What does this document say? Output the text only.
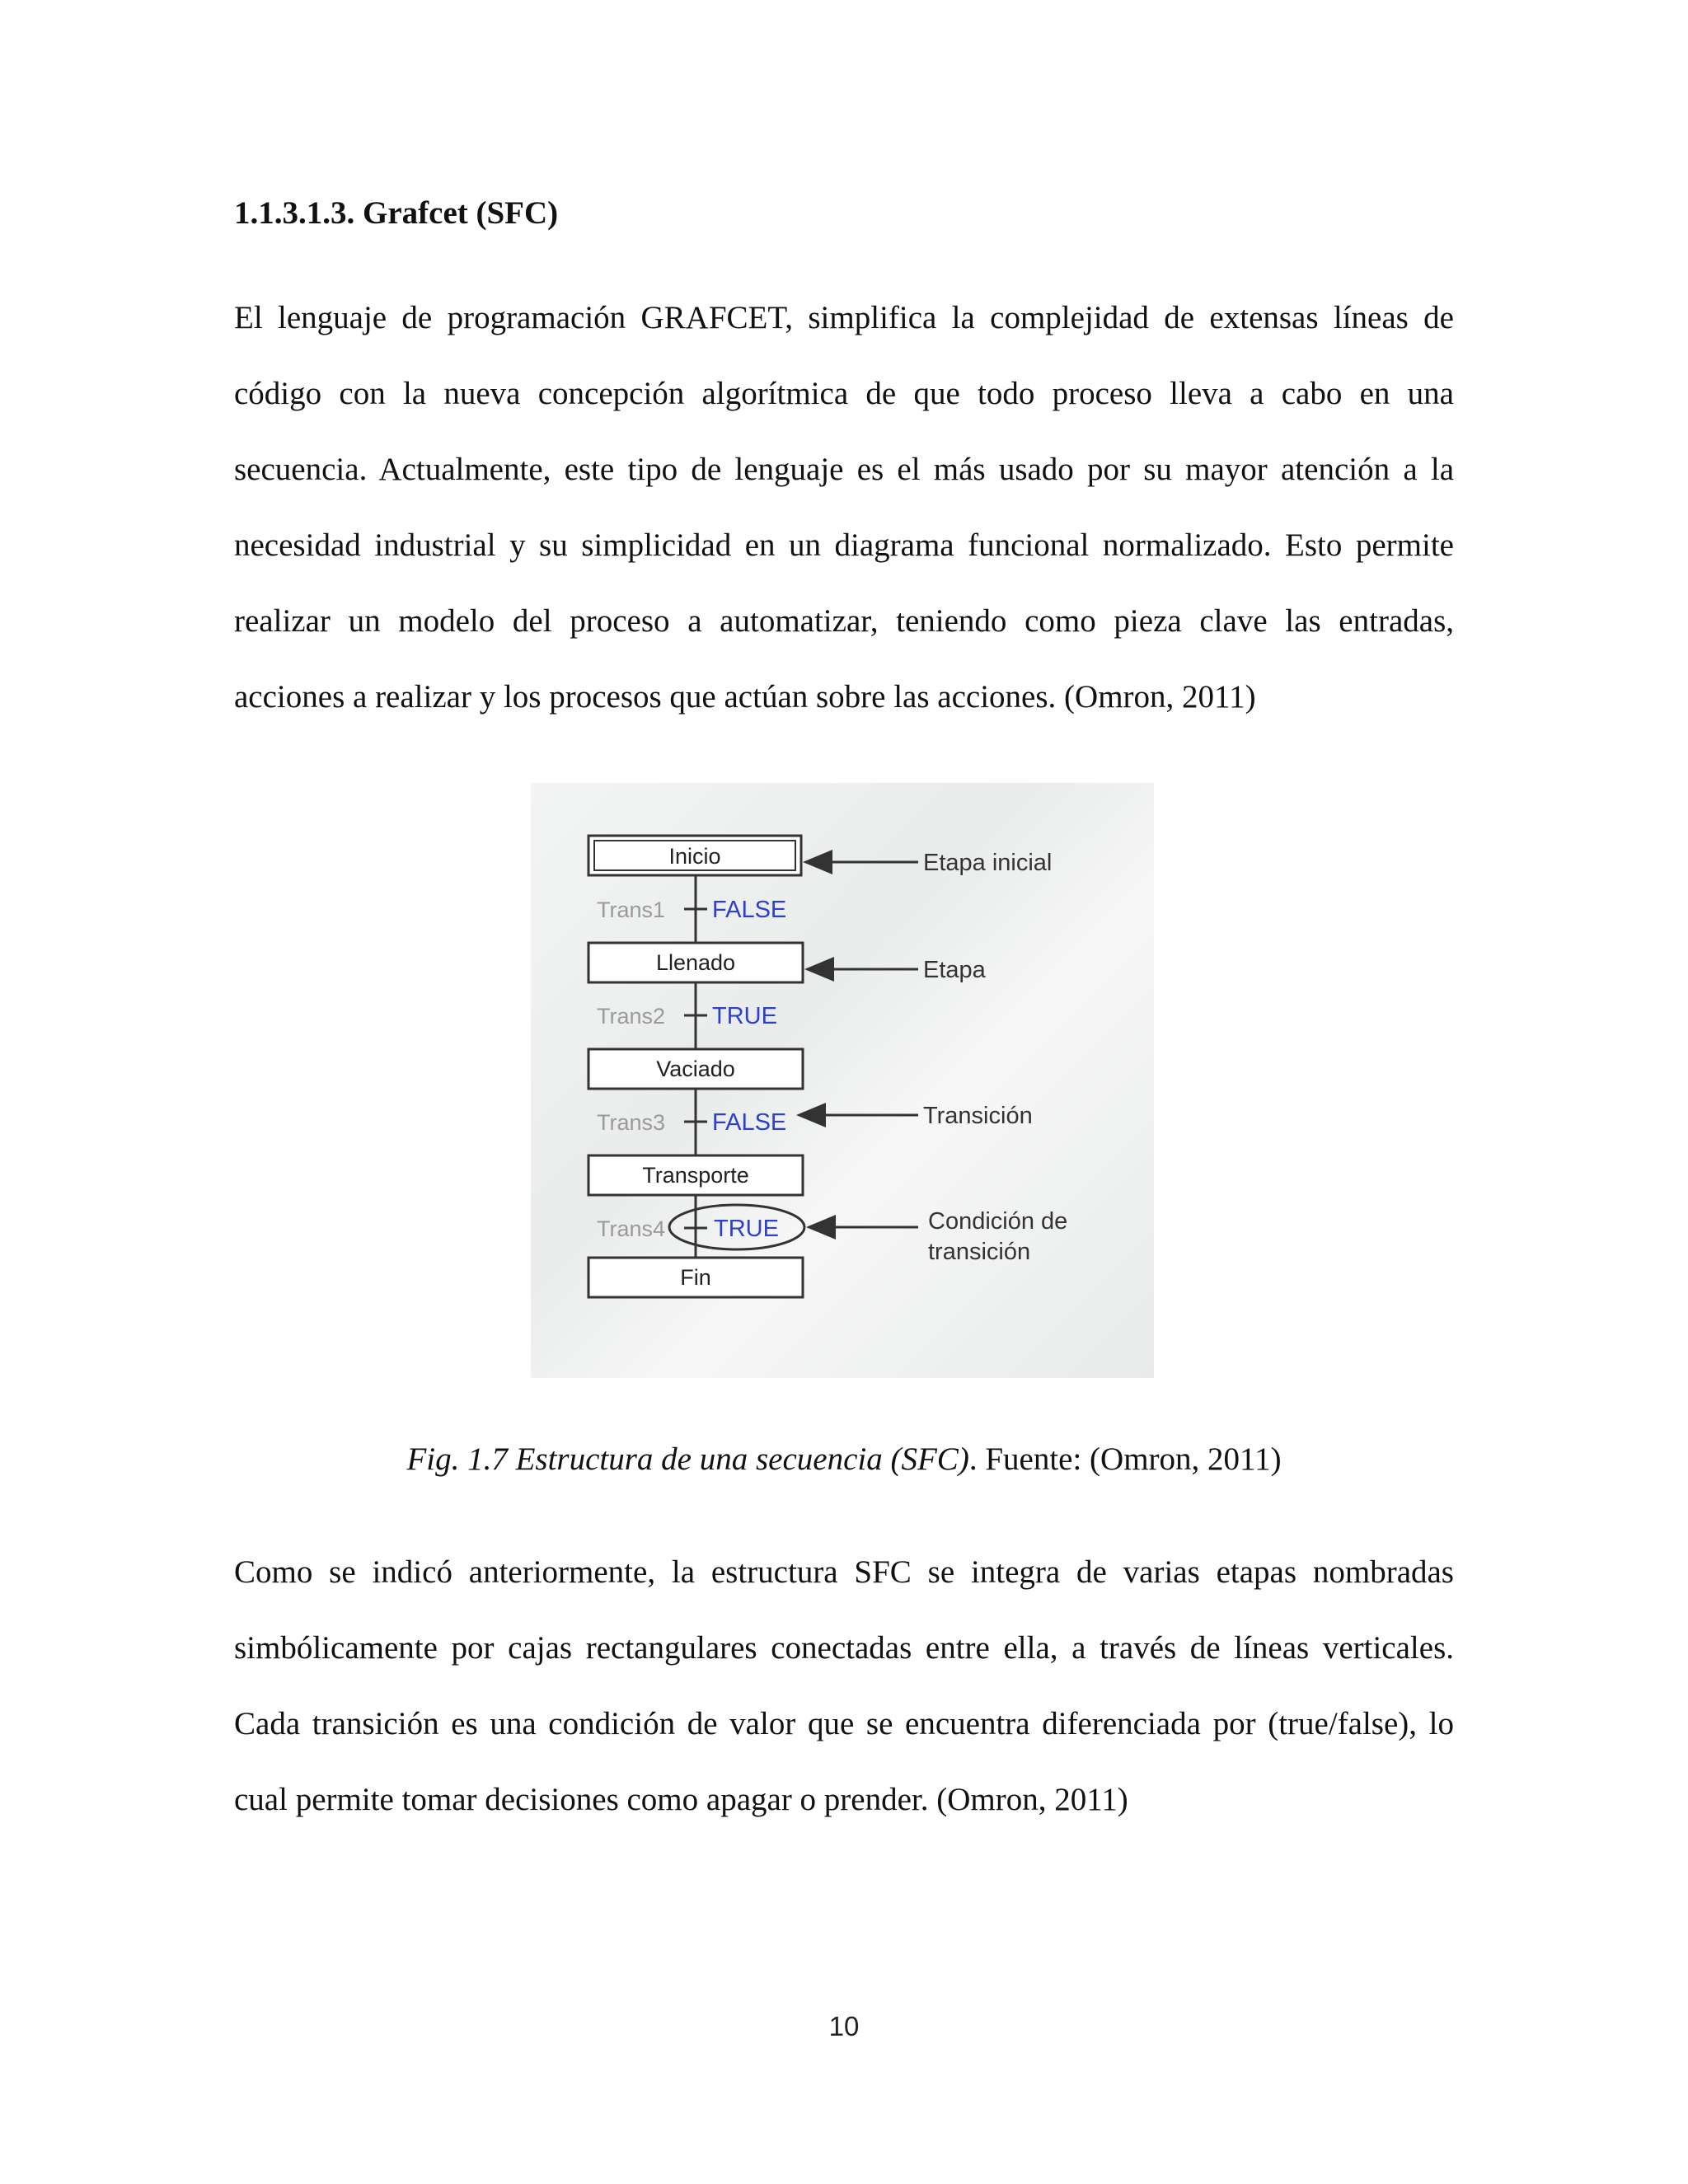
1.1.3.1.3. Grafcet (SFC)

El lenguaje de programación GRAFCET, simplifica la complejidad de extensas líneas de código con la nueva concepción algorítmica de que todo proceso lleva a cabo en una secuencia. Actualmente, este tipo de lenguaje es el más usado por su mayor atención a la necesidad industrial y su simplicidad en un diagrama funcional normalizado. Esto permite realizar un modelo del proceso a automatizar, teniendo como pieza clave las entradas, acciones a realizar y los procesos que actúan sobre las acciones. (Omron, 2011)

Inicio
Trans1 FALSE
Llenado
Trans2 TRUE
Vaciado
Trans3 FALSE
Transporte
Trans4 TRUE
Fin
Etapa inicial
Etapa
Transición
Condición de
transición
Fig. 1.7 Estructura de una secuencia (SFC). Fuente: (Omron, 2011)

Como se indicó anteriormente, la estructura SFC se integra de varias etapas nombradas simbólicamente por cajas rectangulares conectadas entre ella, a través de líneas verticales. Cada transición es una condición de valor que se encuentra diferenciada por (true/false), lo cual permite tomar decisiones como apagar o prender. (Omron, 2011)

10
